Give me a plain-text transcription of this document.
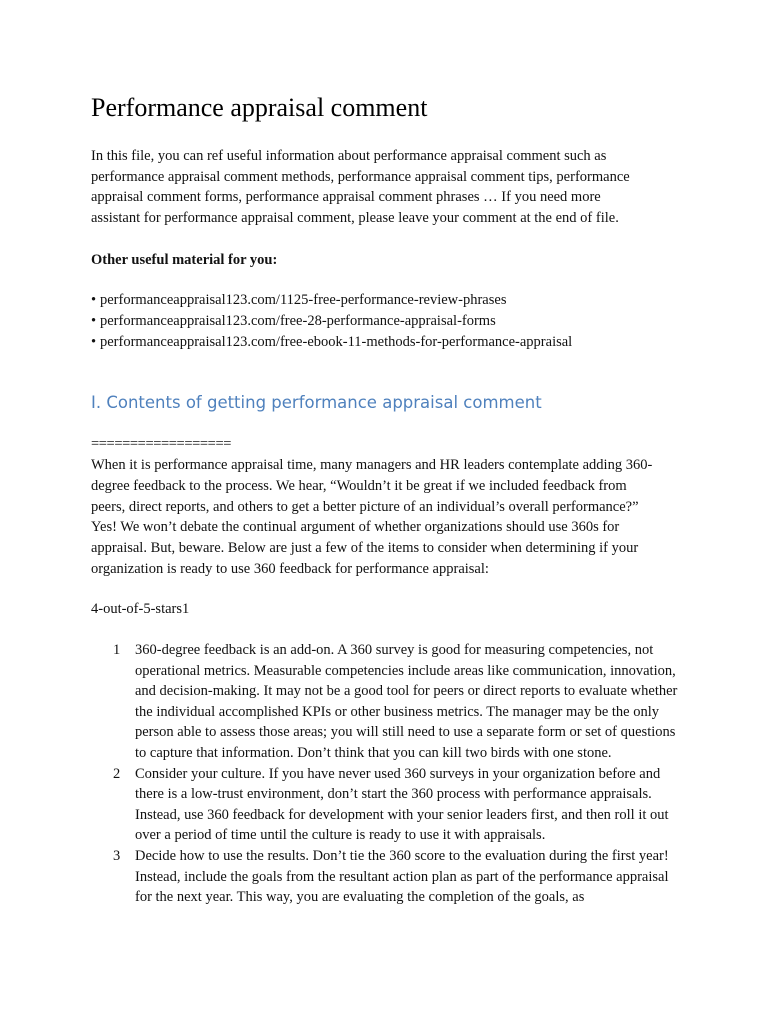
Performance appraisal comment

In this file, you can ref useful information about performance appraisal comment such as performance appraisal comment methods, performance appraisal comment tips, performance appraisal comment forms, performance appraisal comment phrases … If you need more assistant for performance appraisal comment, please leave your comment at the end of file.

Other useful material for you:

• performanceappraisal123.com/1125-free-performance-review-phrases
• performanceappraisal123.com/free-28-performance-appraisal-forms
• performanceappraisal123.com/free-ebook-11-methods-for-performance-appraisal
I. Contents of getting performance appraisal comment

==================

When it is performance appraisal time, many managers and HR leaders contemplate adding 360-degree feedback to the process. We hear, “Wouldn’t it be great if we included feedback from peers, direct reports, and others to get a better picture of an individual’s overall performance?” Yes! We won’t debate the continual argument of whether organizations should use 360s for appraisal. But, beware. Below are just a few of the items to consider when determining if your organization is ready to use 360 feedback for performance appraisal:

4-out-of-5-stars1

1 360-degree feedback is an add-on. A 360 survey is good for measuring competencies, not operational metrics. Measurable competencies include areas like communication, innovation, and decision-making. It may not be a good tool for peers or direct reports to evaluate whether the individual accomplished KPIs or other business metrics. The manager may be the only person able to assess those areas; you will still need to use a separate form or set of questions to capture that information. Don’t think that you can kill two birds with one stone.
2 Consider your culture. If you have never used 360 surveys in your organization before and there is a low-trust environment, don’t start the 360 process with performance appraisals. Instead, use 360 feedback for development with your senior leaders first, and then roll it out over a period of time until the culture is ready to use it with appraisals.
3 Decide how to use the results. Don’t tie the 360 score to the evaluation during the first year! Instead, include the goals from the resultant action plan as part of the performance appraisal for the next year. This way, you are evaluating the completion of the goals, as
